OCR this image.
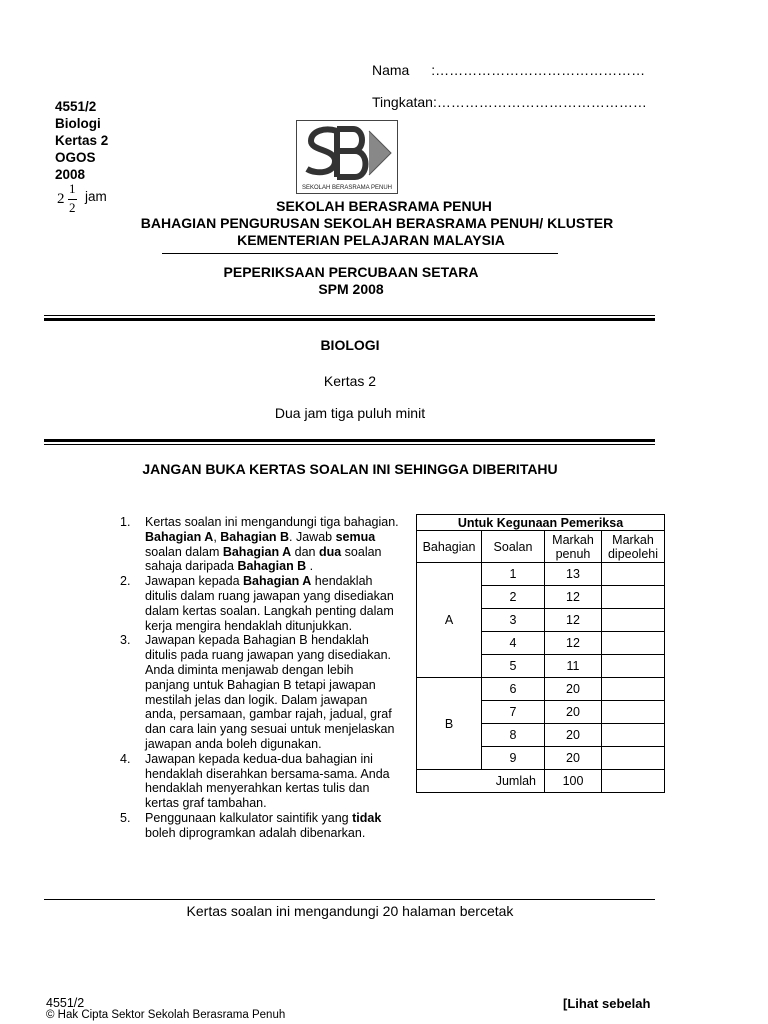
Nama :………………………………………
Tingkatan:………………………………………
4551/2
Biologi
Kertas 2
OGOS
2008
2
1
2
jam
SEKOLAH BERASRAMA PENUH
SEKOLAH BERASRAMA PENUH
BAHAGIAN PENGURUSAN SEKOLAH BERASRAMA PENUH/ KLUSTER
KEMENTERIAN PELAJARAN MALAYSIA
PEPERIKSAAN PERCUBAAN SETARA
SPM 2008
BIOLOGI
Kertas 2
Dua jam tiga puluh minit
JANGAN BUKA KERTAS SOALAN INI SEHINGGA DIBERITAHU
1.	Kertas soalan ini mengandungi tiga bahagian. Bahagian A, Bahagian B. Jawab semua soalan dalam Bahagian A dan dua soalan sahaja daripada Bahagian B .
2.	Jawapan kepada Bahagian A hendaklah ditulis dalam ruang jawapan yang disediakan dalam kertas soalan. Langkah penting dalam kerja mengira hendaklah ditunjukkan.
3.	Jawapan kepada Bahagian B hendaklah ditulis pada ruang jawapan yang disediakan. Anda diminta menjawab dengan lebih panjang untuk Bahagian B tetapi jawapan mestilah jelas dan logik. Dalam jawapan anda, persamaan, gambar rajah, jadual, graf dan cara lain yang sesuai untuk menjelaskan jawapan anda boleh digunakan.
4.	Jawapan kepada kedua-dua bahagian ini hendaklah diserahkan bersama-sama. Anda hendaklah menyerahkan kertas tulis dan kertas graf tambahan.
5.	Penggunaan kalkulator saintifik yang tidak boleh diprogramkan adalah dibenarkan.
Untuk Kegunaan Pemeriksa			
Bahagian	Soalan	Markah penuh	Markah dipeolehi
A	1	13	
	2	12	
	3	12	
	4	12	
	5	11	
B	6	20	
	7	20	
	8	20	
	9	20	
Jumlah		100	
Kertas soalan ini mengandungi 20 halaman bercetak
4551/2
© Hak Cipta Sektor Sekolah Berasrama Penuh
[Lihat sebelah
